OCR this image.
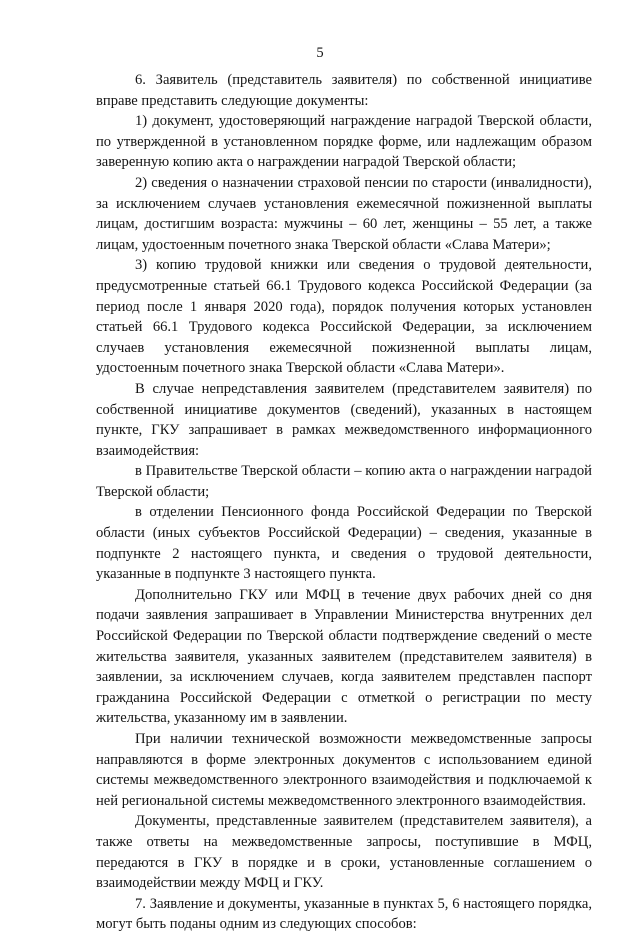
5

6. Заявитель (представитель заявителя) по собственной инициативе вправе представить следующие документы:

1) документ, удостоверяющий награждение наградой Тверской области, по утвержденной в установленном порядке форме, или надлежащим образом заверенную копию акта о награждении наградой Тверской области;

2) сведения о назначении страховой пенсии по старости (инвалидности), за исключением случаев установления ежемесячной пожизненной выплаты лицам, достигшим возраста: мужчины – 60 лет, женщины – 55 лет, а также лицам, удостоенным почетного знака Тверской области «Слава Матери»;

3) копию трудовой книжки или сведения о трудовой деятельности, предусмотренные статьей 66.1 Трудового кодекса Российской Федерации (за период после 1 января 2020 года), порядок получения которых установлен статьей 66.1 Трудового кодекса Российской Федерации, за исключением случаев установления ежемесячной пожизненной выплаты лицам, удостоенным почетного знака Тверской области «Слава Матери».

В случае непредставления заявителем (представителем заявителя) по собственной инициативе документов (сведений), указанных в настоящем пункте, ГКУ запрашивает в рамках межведомственного информационного взаимодействия:

в Правительстве Тверской области – копию акта о награждении наградой Тверской области;

в отделении Пенсионного фонда Российской Федерации по Тверской области (иных субъектов Российской Федерации) – сведения, указанные в подпункте 2 настоящего пункта, и сведения о трудовой деятельности, указанные в подпункте 3 настоящего пункта.

Дополнительно ГКУ или МФЦ в течение двух рабочих дней со дня подачи заявления запрашивает в Управлении Министерства внутренних дел Российской Федерации по Тверской области подтверждение сведений о месте жительства заявителя, указанных заявителем (представителем заявителя) в заявлении, за исключением случаев, когда заявителем представлен паспорт гражданина Российской Федерации с отметкой о регистрации по месту жительства, указанному им в заявлении.

При наличии технической возможности межведомственные запросы направляются в форме электронных документов с использованием единой системы межведомственного электронного взаимодействия и подключаемой к ней региональной системы межведомственного электронного взаимодействия.

Документы, представленные заявителем (представителем заявителя), а также ответы на межведомственные запросы, поступившие в МФЦ, передаются в ГКУ в порядке и в сроки, установленные соглашением о взаимодействии между МФЦ и ГКУ.

7. Заявление и документы, указанные в пунктах 5, 6 настоящего порядка, могут быть поданы одним из следующих способов:
